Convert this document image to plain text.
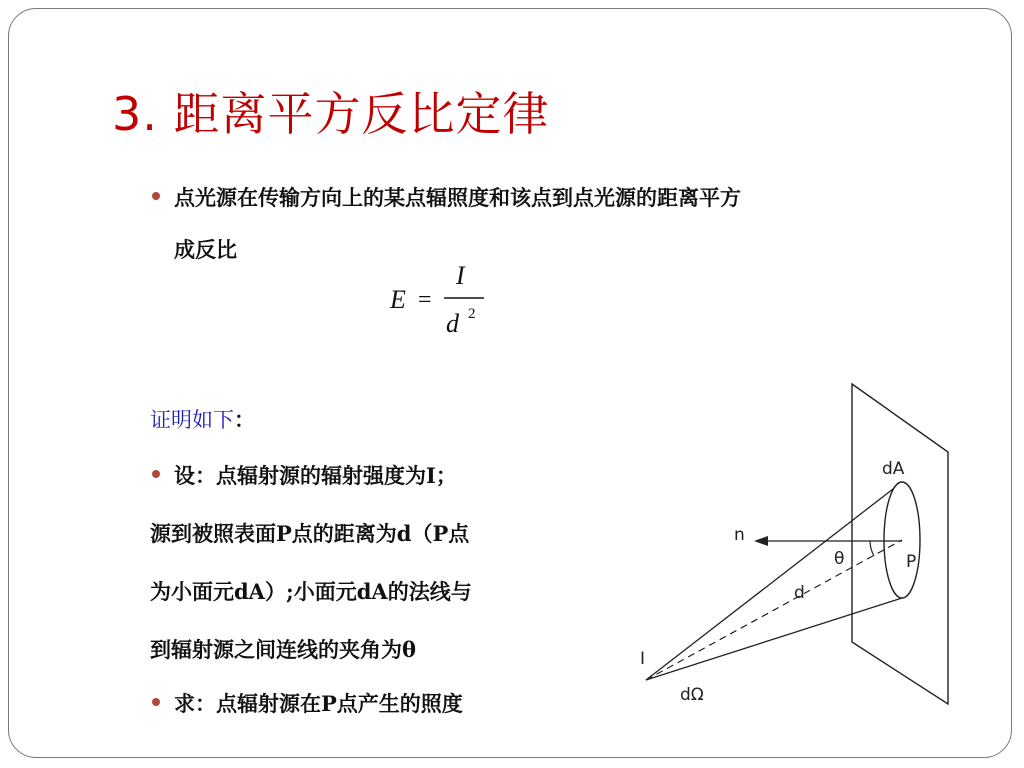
3. 距离平方反比定律
点光源在传输方向上的某点辐照度和该点到点光源的距离平方
成反比
E =
I
d 2
证明如下：
设：点辐射源的辐射强度为I；
源到被照表面P点的距离为d（P点
为小面元dA）;小面元dA的法线与
到辐射源之间连线的夹角为θ
求：点辐射源在P点产生的照度
dA
n
θ	P
d
I
dΩ
